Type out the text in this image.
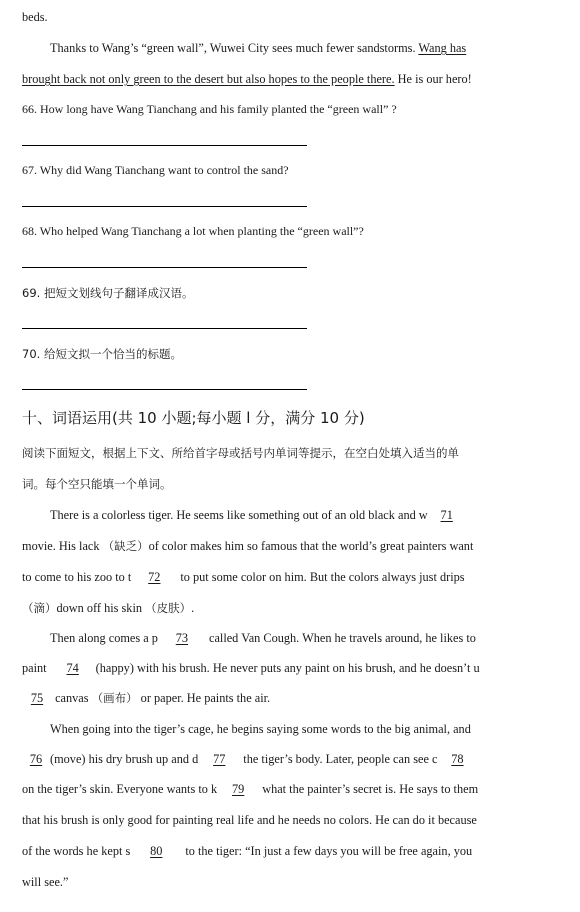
beds.
Thanks to Wang’s “green wall”, Wuwei City sees much fewer sandstorms. Wang has
brought back not only green to the desert but also hopes to the people there. He is our hero!
66. How long have Wang Tianchang and his family planted the “green wall” ?
67. Why did Wang Tianchang want to control the sand?
68. Who helped Wang Tianchang a lot when planting the “green wall”?
69. 把短文划线句子翻译成汉语。
70. 给短文拟一个恰当的标题。
十、词语运用(共 10 小题;每小题 l 分，满分 10 分)
阅读下面短文，根据上下文、所给首字母或括号内单词等提示，在空白处填入适当的单
词。每个空只能填一个单词。
There is a colorless tiger. He seems like something out of an old black and w 71
movie. His lack （缺乏）of color makes him so famous that the world’s great painters want
to come to his zoo to t 72 to put some color on him. But the colors always just drips
（滴）down off his skin （皮肤）.
Then along comes a p 73 called Van Cough. When he travels around, he likes to
paint 74 (happy) with his brush. He never puts any paint on his brush, and he doesn’t u
75 canvas （画布） or paper. He paints the air.
When going into the tiger’s cage, he begins saying some words to the big animal, and
76 (move) his dry brush up and d 77 the tiger’s body. Later, people can see c 78
on the tiger’s skin. Everyone wants to k 79 what the painter’s secret is. He says to them
that his brush is only good for painting real life and he needs no colors. He can do it because
of the words he kept s 80 to the tiger: “In just a few days you will be free again, you
will see.”
